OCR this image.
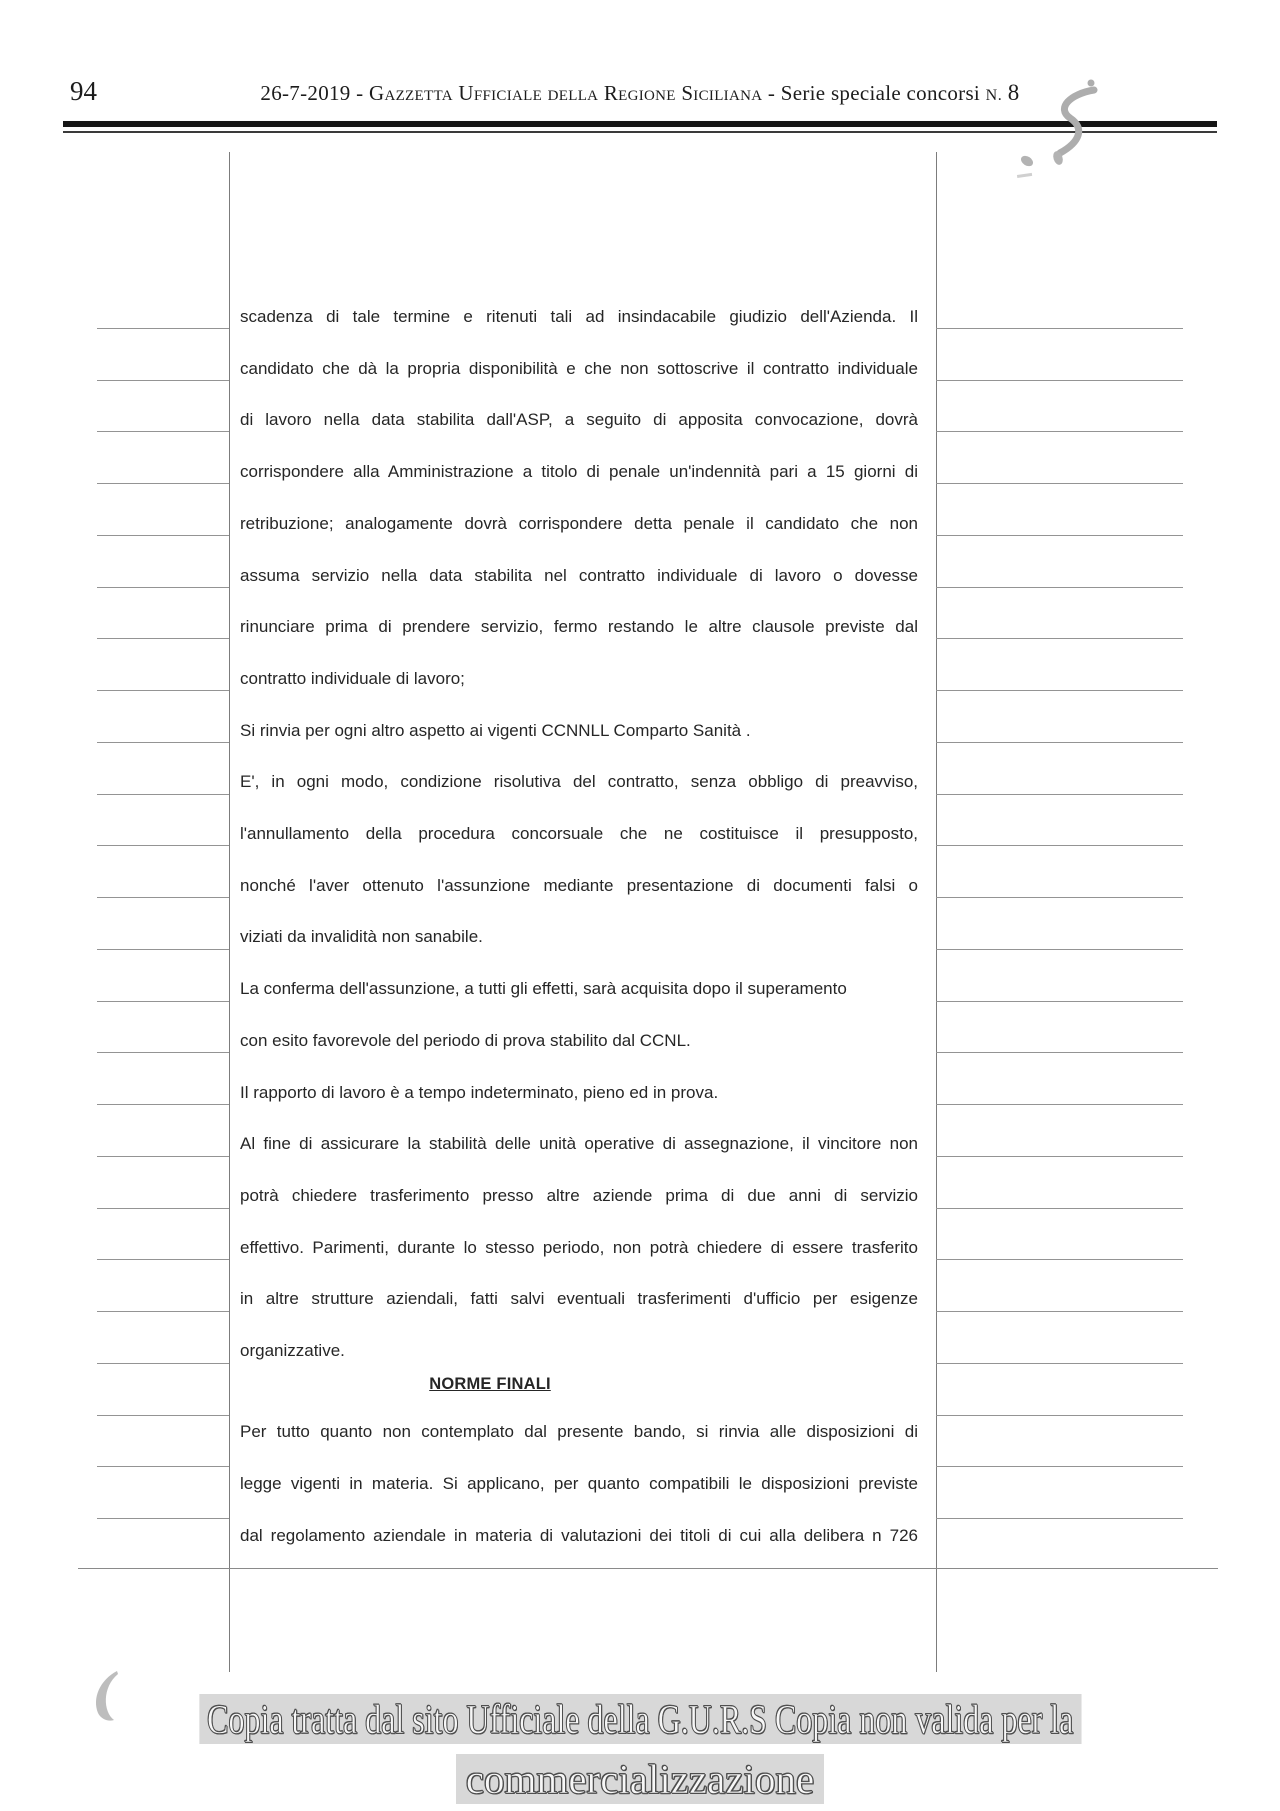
94	26-7-2019 - Gazzetta Ufficiale della Regione Siciliana - Serie speciale concorsi N. 8
scadenza di tale termine e ritenuti tali ad insindacabile giudizio dell'Azienda. Il
candidato che dà la propria disponibilità e che non sottoscrive il contratto individuale
di lavoro nella data stabilita dall'ASP, a seguito di apposita convocazione, dovrà
corrispondere alla Amministrazione a titolo di penale un'indennità pari a 15 giorni di
retribuzione; analogamente dovrà corrispondere detta penale il candidato che non
assuma servizio nella data stabilita nel contratto individuale di lavoro o dovesse
rinunciare prima di prendere servizio, fermo restando le altre clausole previste dal
contratto individuale di lavoro;
Si rinvia per ogni altro aspetto ai vigenti CCNNLL Comparto Sanità .
E', in ogni modo, condizione risolutiva del contratto, senza obbligo di preavviso,
l'annullamento della procedura concorsuale che ne costituisce il presupposto,
nonché l'aver ottenuto l'assunzione mediante presentazione di documenti falsi o
viziati da invalidità non sanabile.
La conferma dell'assunzione, a tutti gli effetti, sarà acquisita dopo il superamento
con esito favorevole del periodo di prova stabilito dal CCNL.
Il rapporto di lavoro è a tempo indeterminato, pieno ed in prova.
Al fine di assicurare la stabilità delle unità operative di assegnazione, il vincitore non
potrà chiedere trasferimento presso altre aziende prima di due anni di servizio
effettivo. Parimenti, durante lo stesso periodo, non potrà chiedere di essere trasferito
in altre strutture aziendali, fatti salvi eventuali trasferimenti d'ufficio per esigenze
organizzative.
NORME FINALI
Per tutto quanto non contemplato dal presente bando, si rinvia alle disposizioni di
legge vigenti in materia. Si applicano, per quanto compatibili le disposizioni previste
dal regolamento aziendale in materia di valutazioni dei titoli di cui alla delibera n 726
Copia tratta dal sito Ufficiale della G.U.R.S Copia non valida per la
commercializzazione
